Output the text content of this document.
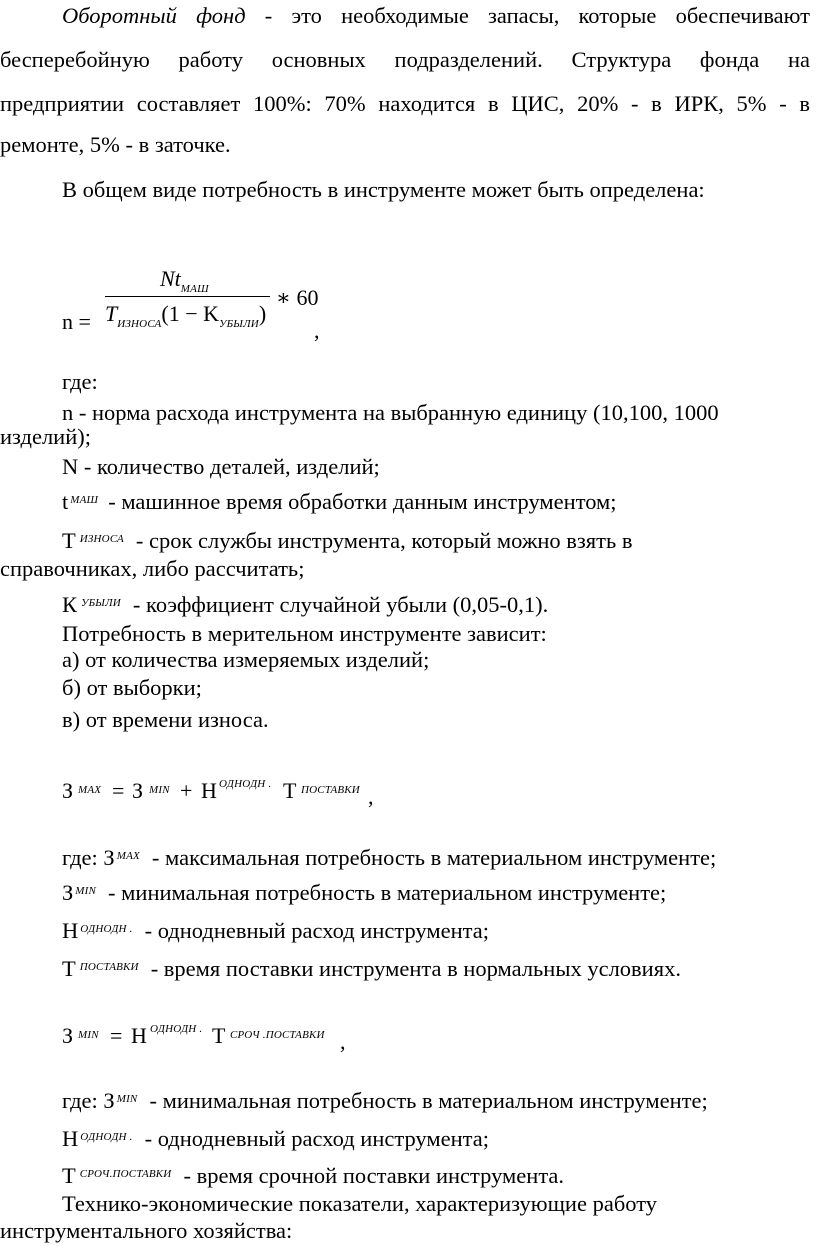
Оборотный фонд - это необходимые запасы, которые обеспечивают
бесперебойную работу основных подразделений. Структура фонда на
предприятии составляет 100%: 70% находится в ЦИС, 20% - в ИРК, 5% - в
ремонте, 5% - в заточке.
В общем виде потребность в инструменте может быть определена:
n =
$Nt_{МАШ}$
$T_{ИЗНОСА}(1 - K_{УБЫЛИ})$
∗ 60
,
где:
n - норма расхода инструмента на выбранную единицу (10,100, 1000
изделий);
N - количество деталей, изделий;
t $^{МАШ}$ - машинное время обработки данным инструментом;
Т $^{ИЗНОСА}$ - срок службы инструмента, который можно взять в
справочниках, либо рассчитать;
К $^{УБЫЛИ}$ - коэффициент случайной убыли (0,05-0,1).
Потребность в мерительном инструменте зависит:
а) от количества измеряемых изделий;
б) от выборки;
в) от времени износа.
З MAX = З MIN + Н ОДНОДН . Т ПОСТАВКИ ,
где: З $^{MAX}$ - максимальная потребность в материальном инструменте;
З $^{MIN}$ - минимальная потребность в материальном инструменте;
Н $^{ОДНОДН .}$ - однодневный расход инструмента;
Т $^{ПОСТАВКИ}$ - время поставки инструмента в нормальных условиях.
З MIN = Н ОДНОДН . Т СРОЧ .ПОСТАВКИ ,
где: З $^{MIN}$ - минимальная потребность в материальном инструменте;
Н $^{ОДНОДН .}$ - однодневный расход инструмента;
Т $^{СРОЧ.ПОСТАВКИ}$ - время срочной поставки инструмента.
Технико-экономические показатели, характеризующие работу
инструментального хозяйства:
